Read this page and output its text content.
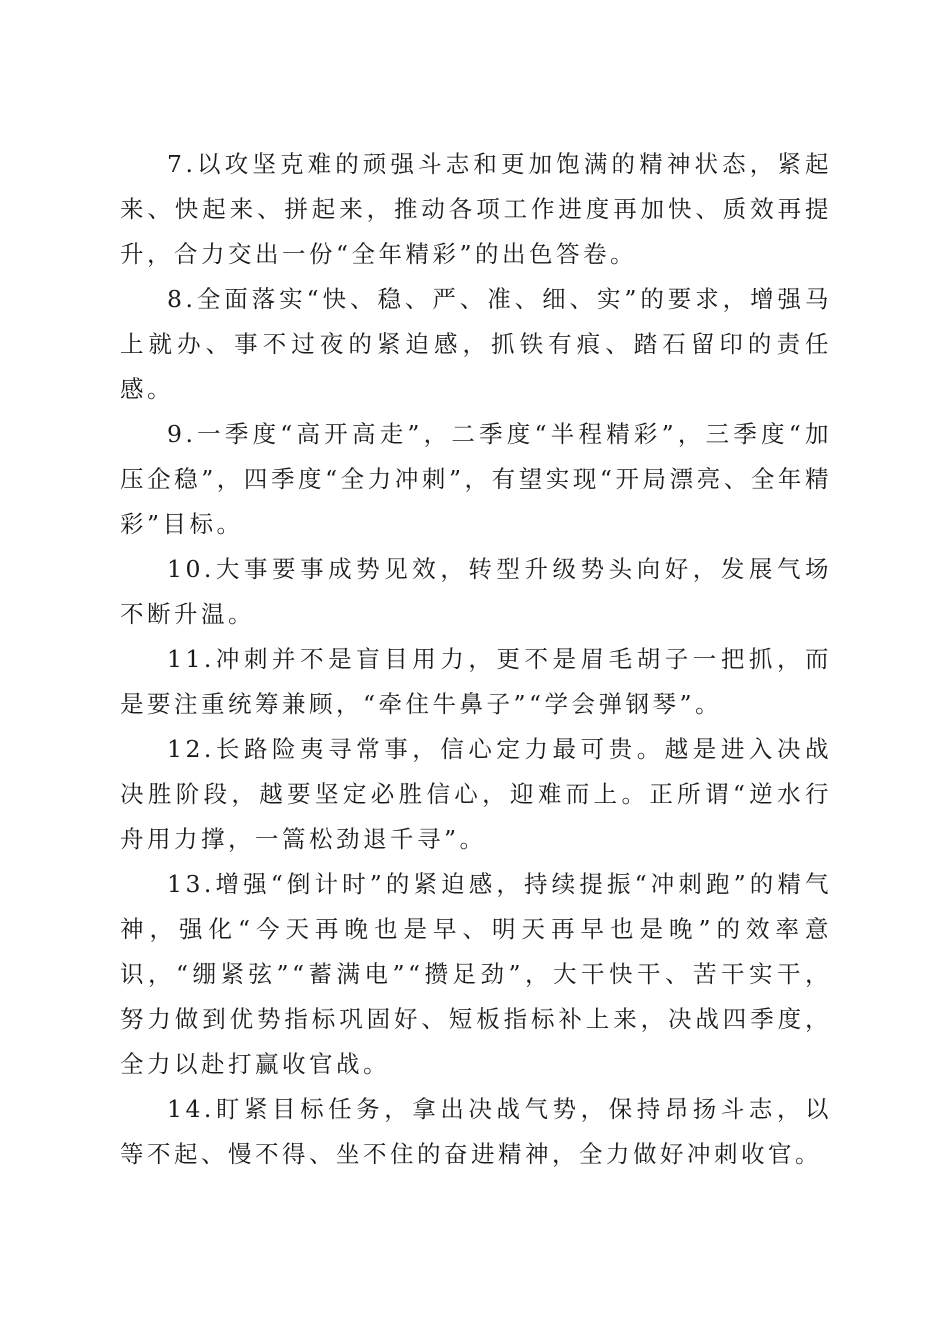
7.以攻坚克难的顽强斗志和更加饱满的精神状态，紧起来、快起来、拼起来，推动各项工作进度再加快、质效再提升，合力交出一份“全年精彩”的出色答卷。

8.全面落实“快、稳、严、准、细、实”的要求，增强马上就办、事不过夜的紧迫感，抓铁有痕、踏石留印的责任感。

9.一季度“高开高走”，二季度“半程精彩”，三季度“加压企稳”，四季度“全力冲刺”，有望实现“开局漂亮、全年精彩”目标。

10.大事要事成势见效，转型升级势头向好，发展气场不断升温。

11.冲刺并不是盲目用力，更不是眉毛胡子一把抓，而是要注重统筹兼顾，“牵住牛鼻子”“学会弹钢琴”。

12.长路险夷寻常事，信心定力最可贵。越是进入决战决胜阶段，越要坚定必胜信心，迎难而上。正所谓“逆水行舟用力撑，一篙松劲退千寻”。

13.增强“倒计时”的紧迫感，持续提振“冲刺跑”的精气神，强化“今天再晚也是早、明天再早也是晚”的效率意识，“绷紧弦”“蓄满电”“攒足劲”，大干快干、苦干实干，努力做到优势指标巩固好、短板指标补上来，决战四季度，全力以赴打赢收官战。

14.盯紧目标任务，拿出决战气势，保持昂扬斗志，以等不起、慢不得、坐不住的奋进精神，全力做好冲刺收官。
